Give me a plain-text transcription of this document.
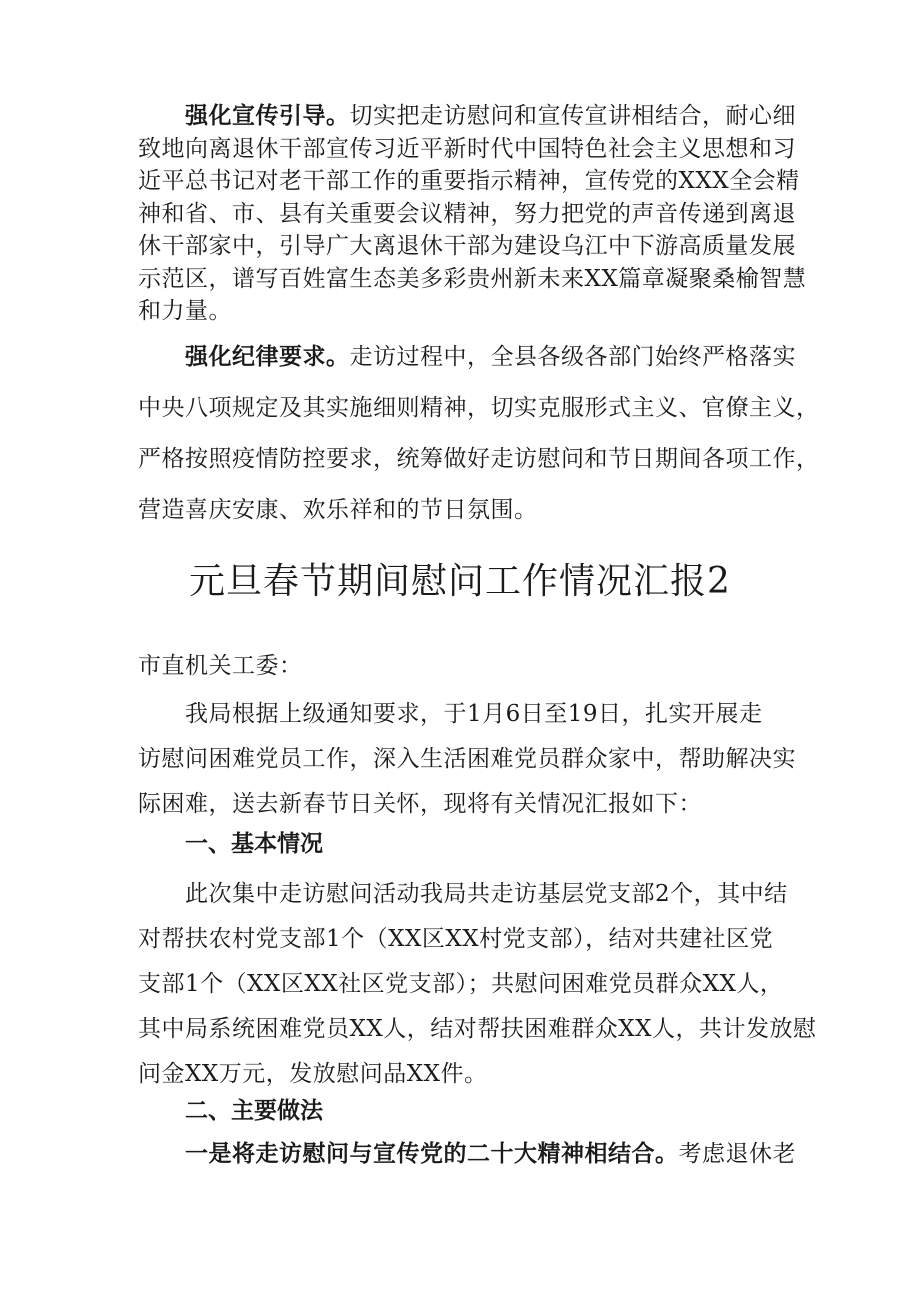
强化宣传引导。切实把走访慰问和宣传宣讲相结合，耐心细
致地向离退休干部宣传习近平新时代中国特色社会主义思想和习
近平总书记对老干部工作的重要指示精神，宣传党的XXX全会精
神和省、市、县有关重要会议精神，努力把党的声音传递到离退
休干部家中，引导广大离退休干部为建设乌江中下游高质量发展
示范区，谱写百姓富生态美多彩贵州新未来XX篇章凝聚桑榆智慧
和力量。
强化纪律要求。走访过程中，全县各级各部门始终严格落实
中央八项规定及其实施细则精神，切实克服形式主义、官僚主义，
严格按照疫情防控要求，统筹做好走访慰问和节日期间各项工作，
营造喜庆安康、欢乐祥和的节日氛围。
元旦春节期间慰问工作情况汇报2
市直机关工委：
我局根据上级通知要求，于1月6日至19日，扎实开展走
访慰问困难党员工作，深入生活困难党员群众家中，帮助解决实
际困难，送去新春节日关怀，现将有关情况汇报如下：
一、基本情况
此次集中走访慰问活动我局共走访基层党支部2个，其中结
对帮扶农村党支部1个（XX区XX村党支部），结对共建社区党
支部1个（XX区XX社区党支部）；共慰问困难党员群众XX人，
其中局系统困难党员XX人，结对帮扶困难群众XX人，共计发放慰
问金XX万元，发放慰问品XX件。
二、主要做法
一是将走访慰问与宣传党的二十大精神相结合。考虑退休老
